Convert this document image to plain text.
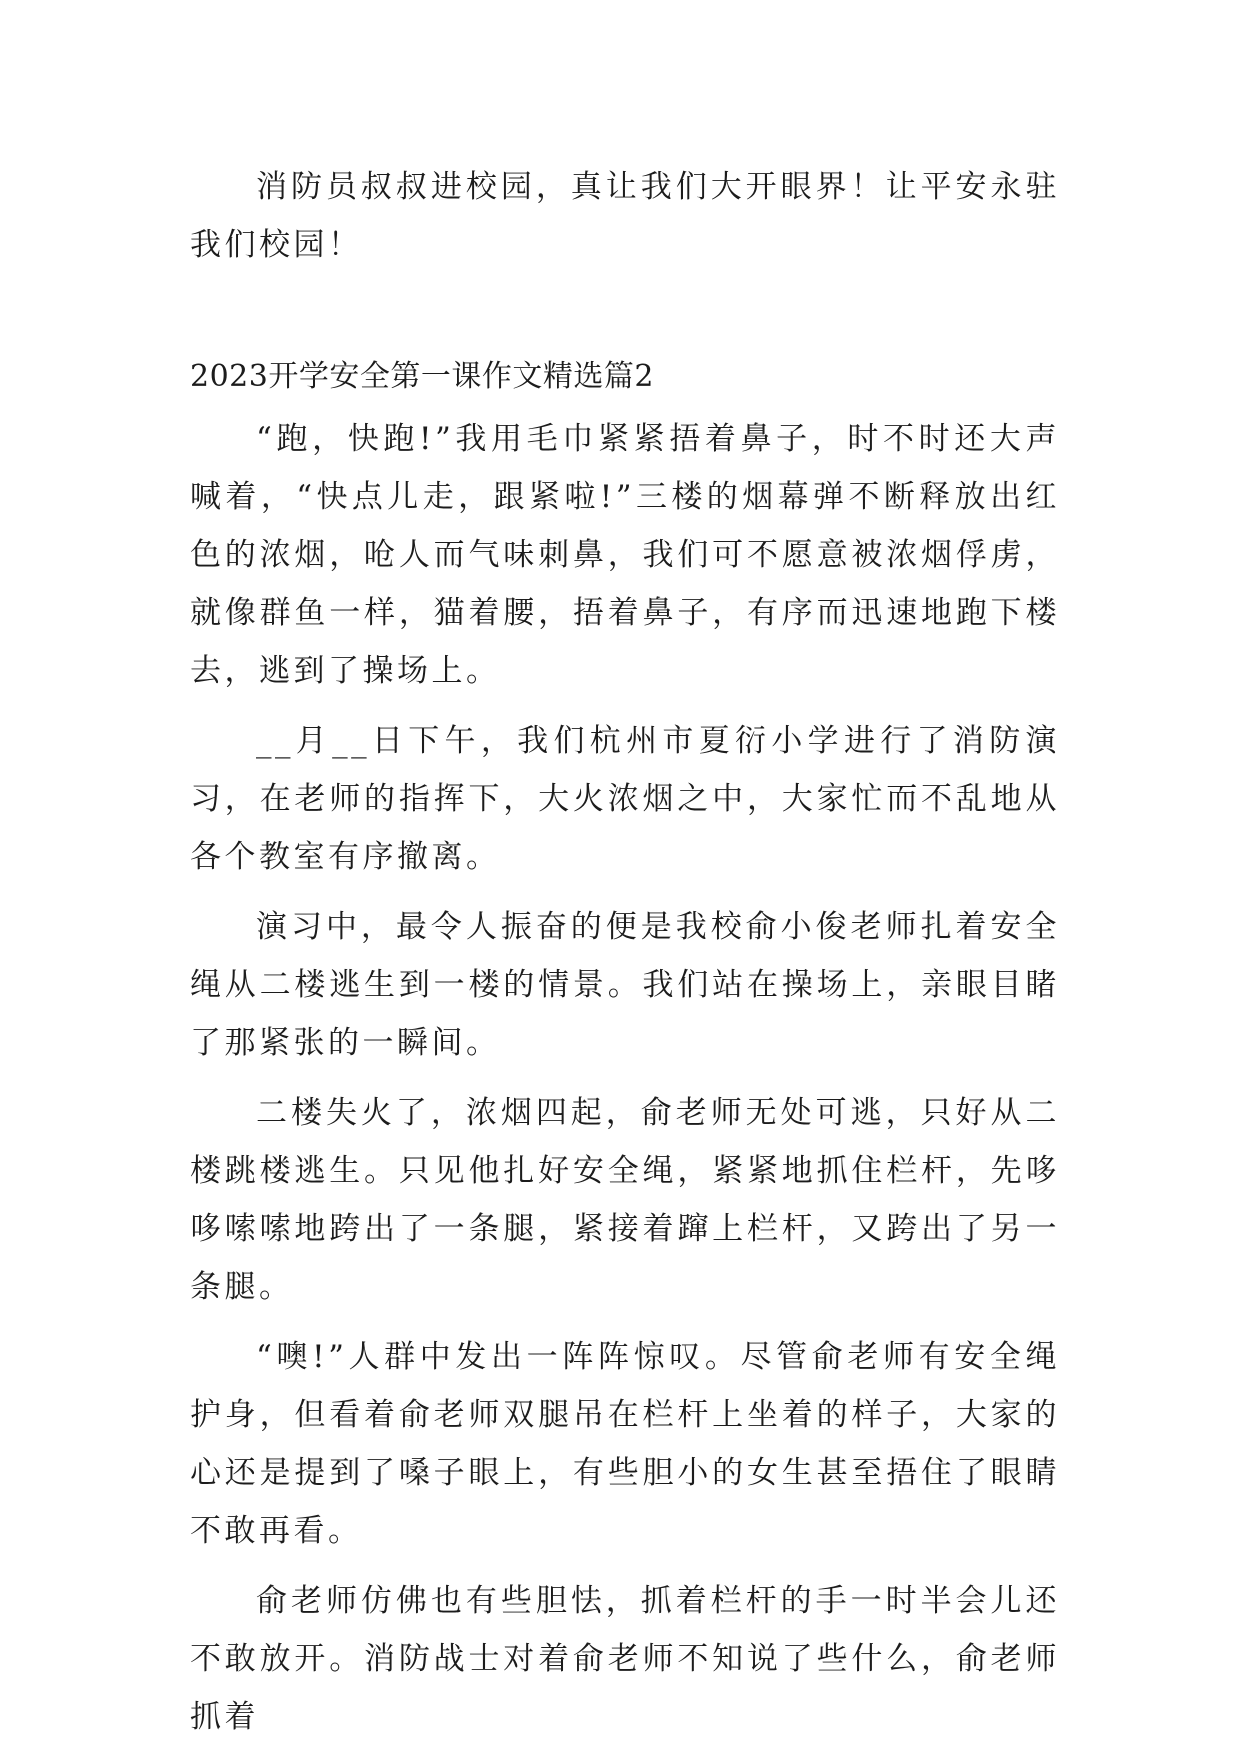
消防员叔叔进校园，真让我们大开眼界！让平安永驻我们校园！

2023开学安全第一课作文精选篇2

“跑，快跑!”我用毛巾紧紧捂着鼻子，时不时还大声喊着，“快点儿走，跟紧啦!”三楼的烟幕弹不断释放出红色的浓烟，呛人而气味刺鼻，我们可不愿意被浓烟俘虏，就像群鱼一样，猫着腰，捂着鼻子，有序而迅速地跑下楼去，逃到了操场上。

__月__日下午，我们杭州市夏衍小学进行了消防演习，在老师的指挥下，大火浓烟之中，大家忙而不乱地从各个教室有序撤离。

演习中，最令人振奋的便是我校俞小俊老师扎着安全绳从二楼逃生到一楼的情景。我们站在操场上，亲眼目睹了那紧张的一瞬间。

二楼失火了，浓烟四起，俞老师无处可逃，只好从二楼跳楼逃生。只见他扎好安全绳，紧紧地抓住栏杆，先哆哆嗦嗦地跨出了一条腿，紧接着蹿上栏杆，又跨出了另一条腿。

“噢!”人群中发出一阵阵惊叹。尽管俞老师有安全绳护身，但看着俞老师双腿吊在栏杆上坐着的样子，大家的心还是提到了嗓子眼上，有些胆小的女生甚至捂住了眼睛不敢再看。

俞老师仿佛也有些胆怯，抓着栏杆的手一时半会儿还不敢放开。消防战士对着俞老师不知说了些什么，俞老师抓着
